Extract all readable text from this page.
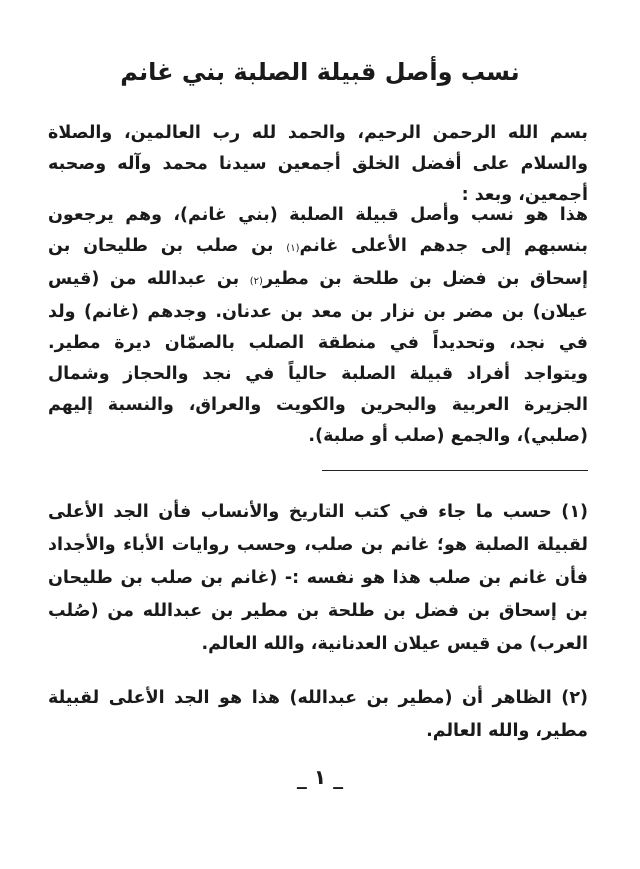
نسب وأصل قبيلة الصلبة بني غانم

بسم الله الرحمن الرحيم، والحمد لله رب العالمين، والصلاة والسلام على أفضل الخلق أجمعين سيدنا محمد وآله وصحبه أجمعين، وبعد :

هذا هو نسب وأصل قبيلة الصلبة (بني غانم)، وهم يرجعون بنسبهم إلى جدهم الأعلى غانم(١) بن صلب بن طليحان بن إسحاق بن فضل بن طلحة بن مطير(٢) بن عبدالله من (قيس عيلان) بن مضر بن نزار بن معد بن عدنان. وجدهم (غانم) ولد في نجد، وتحديداً في منطقة الصلب بالصمّان ديرة مطير. ويتواجد أفراد قبيلة الصلبة حالياً في نجد والحجاز وشمال الجزيرة العربية والبحرين والكويت والعراق، والنسبة إليهم (صلبي)، والجمع (صلب أو صلبة).

(١) حسب ما جاء في كتب التاريخ والأنساب فأن الجد الأعلى لقبيلة الصلبة هو؛ غانم بن صلب، وحسب روايات الأباء والأجداد فأن غانم بن صلب هذا هو نفسه :- (غانم بن صلب بن طليحان بن إسحاق بن فضل بن طلحة بن مطير بن عبدالله من (صُلب العرب) من قيس عيلان العدنانية، والله العالم.

(٢) الظاهر أن (مطير بن عبدالله) هذا هو الجد الأعلى لقبيلة مطير، والله العالم.

_ ١ _
